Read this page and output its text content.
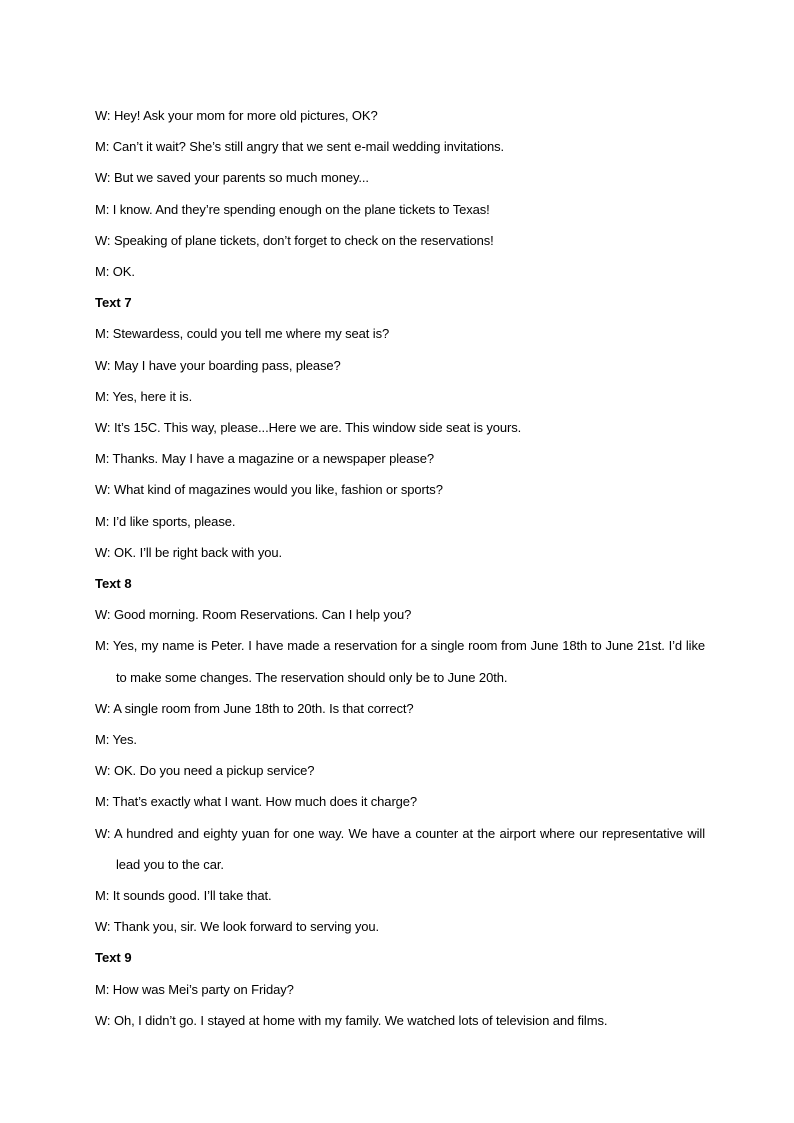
W: Hey! Ask your mom for more old pictures, OK?
M: Can’t it wait? She’s still angry that we sent e-mail wedding invitations.
W: But we saved your parents so much money...
M: I know. And they’re spending enough on the plane tickets to Texas!
W: Speaking of plane tickets, don’t forget to check on the reservations!
M: OK.
Text 7
M: Stewardess, could you tell me where my seat is?
W: May I have your boarding pass, please?
M: Yes, here it is.
W: It’s 15C. This way, please...Here we are. This window side seat is yours.
M: Thanks. May I have a magazine or a newspaper please?
W: What kind of magazines would you like, fashion or sports?
M: I’d like sports, please.
W: OK. I’ll be right back with you.
Text 8
W: Good morning. Room Reservations. Can I help you?
M: Yes, my name is Peter. I have made a reservation for a single room from June 18th to June 21st. I’d like to make some changes. The reservation should only be to June 20th.
W: A single room from June 18th to 20th. Is that correct?
M: Yes.
W: OK. Do you need a pickup service?
M: That’s exactly what I want. How much does it charge?
W: A hundred and eighty yuan for one way. We have a counter at the airport where our representative will lead you to the car.
M: It sounds good. I’ll take that.
W: Thank you, sir. We look forward to serving you.
Text 9
M: How was Mei’s party on Friday?
W: Oh, I didn’t go. I stayed at home with my family. We watched lots of television and films.
